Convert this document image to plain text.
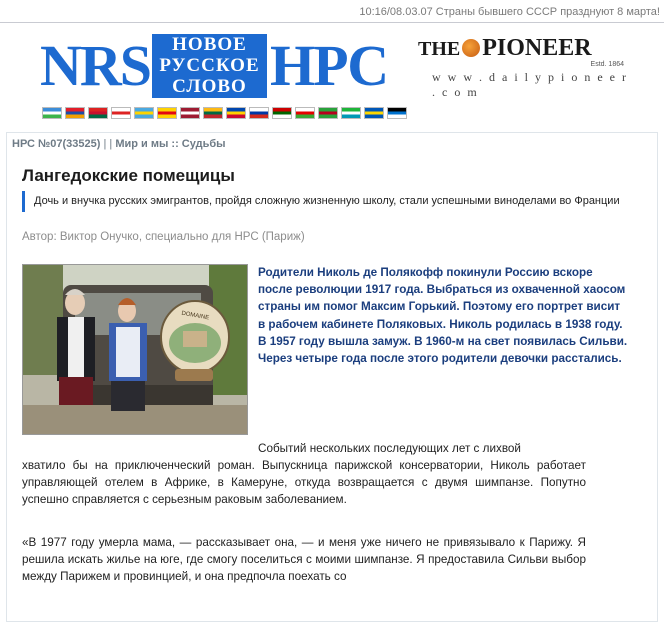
10:16/08.03.07 Страны бывшего СССР празднуют 8 марта!
NRS	НОВОЕ
РУССКОЕ
СЛОВО НРС THE PIONEER
Estd. 1864
w w w . d a i l y p i o n e e r . c o m
НРС №07(33525) | | Мир и мы :: Судьбы
Лангедокские помещицы
Дочь и внучка русских эмигрантов, пройдя сложную жизненную школу, стали успешными виноделами во Франции
Автор: Виктор Онучко, специально для НРС (Париж)
DOMAINE
Родители Николь де Полякофф покинули Россию вскоре после революции 1917 года. Выбраться из охваченной хаосом страны им помог Максим Горький. Поэтому его портрет висит в рабочем кабинете Поляковых. Николь родилась в 1938 году. В 1957 году вышла замуж. В 1960-м на свет появилась Сильви. Через четыре года после этого родители девочки расстались.
Событий нескольких последующих лет с лихвой
хватило бы на приключенческий роман. Выпускница парижской консерватории, Николь работает управляющей отелем в Африке, в Камеруне, откуда возвращается с двумя шимпанзе. Попутно успешно справляется с серьезным раковым заболеванием.
«В 1977 году умерла мама, — рассказывает она, — и меня уже ничего не привязывало к Парижу. Я решила искать жилье на юге, где смогу поселиться с моими шимпанзе. Я предоставила Сильви выбор между Парижем и провинцией, и она предпочла поехать со
